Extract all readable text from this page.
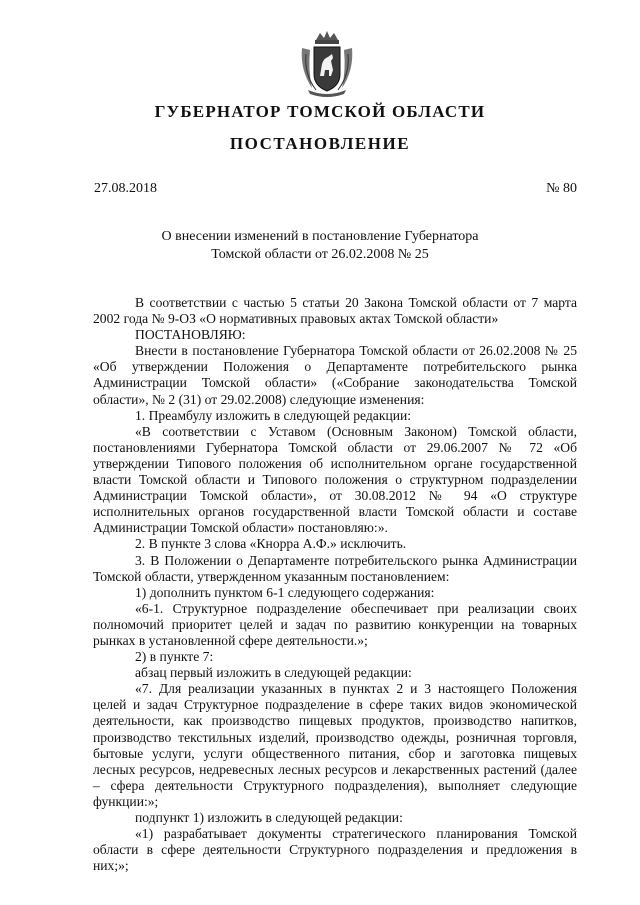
ГУБЕРНАТОР ТОМСКОЙ ОБЛАСТИ
ПОСТАНОВЛЕНИЕ
27.08.2018	№ 80
О внесении изменений в постановление Губернатора
Томской области от 26.02.2008 № 25

В соответствии с частью 5 статьи 20 Закона Томской области от 7 марта 2002 года № 9-ОЗ «О нормативных правовых актах Томской области»

ПОСТАНОВЛЯЮ:

Внести в постановление Губернатора Томской области от 26.02.2008 № 25 «Об утверждении Положения о Департаменте потребительского рынка Администрации Томской области» («Собрание законодательства Томской области», № 2 (31) от 29.02.2008) следующие изменения:

1. Преамбулу изложить в следующей редакции:

«В соответствии с Уставом (Основным Законом) Томской области, постановлениями Губернатора Томской области от 29.06.2007 № 72 «Об утверждении Типового положения об исполнительном органе государственной власти Томской области и Типового положения о структурном подразделении Администрации Томской области», от 30.08.2012 № 94 «О структуре исполнительных органов государственной власти Томской области и составе Администрации Томской области» постановляю:».

2. В пункте 3 слова «Кнорра А.Ф.» исключить.

3. В Положении о Департаменте потребительского рынка Администрации Томской области, утвержденном указанным постановлением:

1) дополнить пунктом 6-1 следующего содержания:

«6-1. Структурное подразделение обеспечивает при реализации своих полномочий приоритет целей и задач по развитию конкуренции на товарных рынках в установленной сфере деятельности.»;

2) в пункте 7:

абзац первый изложить в следующей редакции:

«7. Для реализации указанных в пунктах 2 и 3 настоящего Положения целей и задач Структурное подразделение в сфере таких видов экономической деятельности, как производство пищевых продуктов, производство напитков, производство текстильных изделий, производство одежды, розничная торговля, бытовые услуги, услуги общественного питания, сбор и заготовка пищевых лесных ресурсов, недревесных лесных ресурсов и лекарственных растений (далее – сфера деятельности Структурного подразделения), выполняет следующие функции:»;

подпункт 1) изложить в следующей редакции:

«1) разрабатывает документы стратегического планирования Томской области в сфере деятельности Структурного подразделения и предложения в них;»;
